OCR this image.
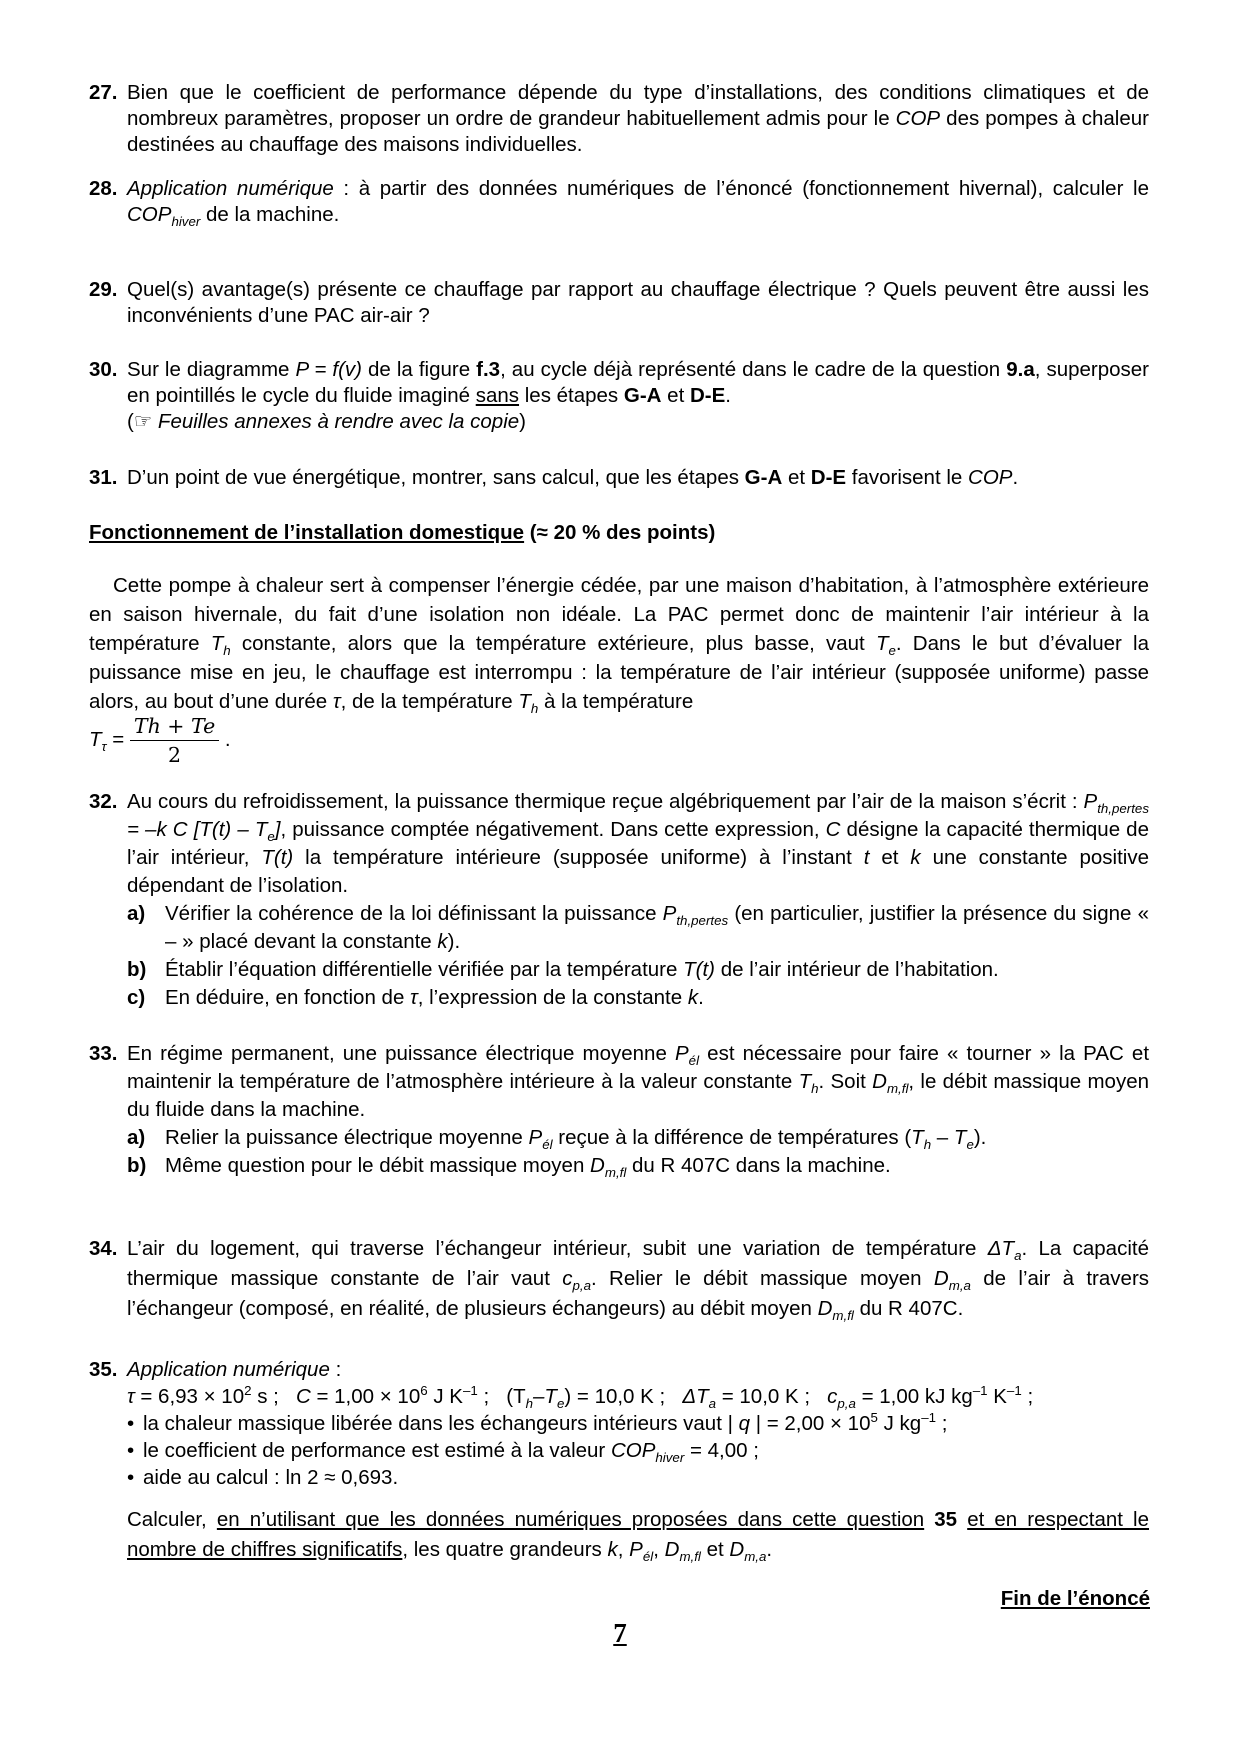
27. Bien que le coefficient de performance dépende du type d’installations, des conditions climatiques et de nombreux paramètres, proposer un ordre de grandeur habituellement admis pour le COP des pompes à chaleur destinées au chauffage des maisons individuelles.
28. Application numérique : à partir des données numériques de l’énoncé (fonctionnement hivernal), calculer le $COP_{hiver}$ de la machine.
29. Quel(s) avantage(s) présente ce chauffage par rapport au chauffage électrique ? Quels peuvent être aussi les inconvénients d’une PAC air-air ?
30. Sur le diagramme P = f(v) de la figure f.3, au cycle déjà représenté dans le cadre de la question 9.a, superposer en pointillés le cycle du fluide imaginé sans les étapes G-A et D-E.
(☞ Feuilles annexes à rendre avec la copie)
31. D’un point de vue énergétique, montrer, sans calcul, que les étapes G-A et D-E favorisent le COP.
Fonctionnement de l’installation domestique (≈ 20 % des points)
Cette pompe à chaleur sert à compenser l’énergie cédée, par une maison d’habitation, à l’atmosphère extérieure en saison hivernale, du fait d’une isolation non idéale. La PAC permet donc de maintenir l’air intérieur à la température $T_h$ constante, alors que la température extérieure, plus basse, vaut $T_e$. Dans le but d’évaluer la puissance mise en jeu, le chauffage est interrompu : la température de l’air intérieur (supposée uniforme) passe alors, au bout d’une durée τ, de la température $T_h$ à la température
$T_\tau = \frac{Th + Te}{2}$ .
32. Au cours du refroidissement, la puissance thermique reçue algébriquement par l’air de la maison s’écrit : $P_{th,pertes} = -k$ C $[T(t) - T_e]$, puissance comptée négativement. Dans cette expression, C désigne la capacité thermique de l’air intérieur, T(t) la température intérieure (supposée uniforme) à l’instant t et k une constante positive dépendant de l’isolation.
a) Vérifier la cohérence de la loi définissant la puissance $P_{th,pertes}$ (en particulier, justifier la présence du signe « – » placé devant la constante k).
b) Établir l’équation différentielle vérifiée par la température T(t) de l’air intérieur de l’habitation.
c) En déduire, en fonction de τ, l’expression de la constante k.
33. En régime permanent, une puissance électrique moyenne $P_{él}$ est nécessaire pour faire « tourner » la PAC et maintenir la température de l’atmosphère intérieure à la valeur constante $T_h$. Soit $D_{m,fl}$, le débit massique moyen du fluide dans la machine.
a) Relier la puissance électrique moyenne $P_{él}$ reçue à la différence de températures $(T_h - T_e)$.
b) Même question pour le débit massique moyen $D_{m,fl}$ du R 407C dans la machine.
34. L’air du logement, qui traverse l’échangeur intérieur, subit une variation de température $\Delta T_a$. La capacité thermique massique constante de l’air vaut $c_{p,a}$. Relier le débit massique moyen $D_{m,a}$ de l’air à travers l’échangeur (composé, en réalité, de plusieurs échangeurs) au débit moyen $D_{m,fl}$ du R 407C.
35. Application numérique :
$\tau = 6,93 \times 10^2$ s ; $C = 1,00 \times 10^6$ J $K^{-1}$ ; $(T_h-T_e) = 10,0$ K ; $\Delta T_a = 10,0$ K ; $c_{p,a} = 1,00$ kJ $kg^{-1}$ $K^{-1}$ ;
• la chaleur massique libérée dans les échangeurs intérieurs vaut | q | = $2,00 \times 10^5$ J $kg^{-1}$ ;
• le coefficient de performance est estimé à la valeur $COP_{hiver} = 4,00$ ;
• aide au calcul : ln 2 ≈ 0,693.
Calculer, en n’utilisant que les données numériques proposées dans cette question 35 et en respectant le nombre de chiffres significatifs, les quatre grandeurs k, $P_{él}$, $D_{m,fl}$ et $D_{m,a}$.
Fin de l’énoncé
7
